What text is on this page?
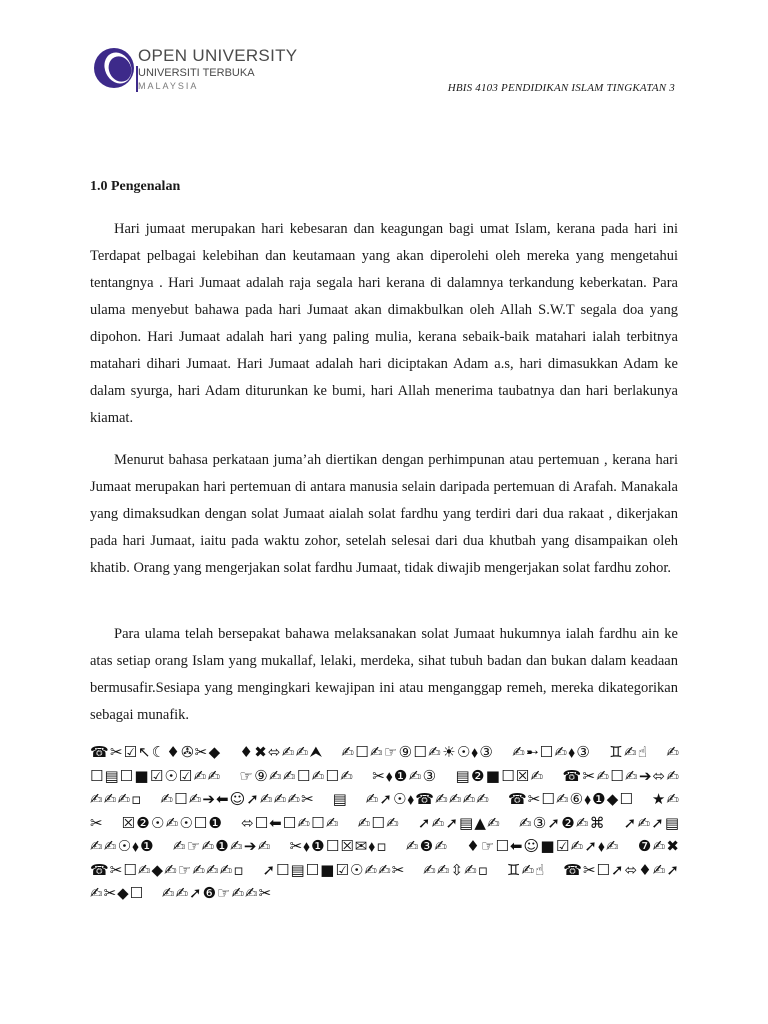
OPEN UNIVERSITY
UNIVERSITI TERBUKA
MALAYSIA	HBIS 4103 PENDIDIKAN ISLAM TINGKATAN 3
1.0 Pengenalan
Hari jumaat merupakan hari kebesaran dan keagungan bagi umat Islam, kerana pada hari ini Terdapat pelbagai kelebihan dan keutamaan yang akan diperolehi oleh mereka yang mengetahui tentangnya . Hari Jumaat adalah raja segala hari kerana di dalamnya terkandung keberkatan. Para ulama menyebut bahawa pada hari Jumaat akan dimakbulkan oleh Allah S.W.T segala doa yang dipohon. Hari Jumaat adalah hari yang paling mulia, kerana sebaik-baik matahari ialah terbitnya matahari dihari Jumaat. Hari Jumaat adalah hari diciptakan Adam a.s, hari dimasukkan Adam ke dalam syurga, hari Adam diturunkan ke bumi, hari Allah menerima taubatnya dan hari berlakunya kiamat.
Menurut bahasa perkataan juma’ah diertikan dengan perhimpunan atau pertemuan , kerana hari Jumaat merupakan hari pertemuan di antara manusia selain daripada pertemuan di Arafah. Manakala yang dimaksudkan dengan solat Jumaat aialah solat fardhu yang terdiri dari dua rakaat , dikerjakan pada hari Jumaat, iaitu pada waktu zohor, setelah selesai dari dua khutbah yang disampaikan oleh khatib. Orang yang mengerjakan solat fardhu Jumaat, tidak diwajib mengerjakan solat fardhu zohor.
Para ulama telah bersepakat bahawa melaksanakan solat Jumaat hukumnya ialah fardhu ain ke atas setiap orang Islam yang mukallaf, lelaki, merdeka, sihat tubuh badan dan bukan dalam keadaan bermusafir.Sesiapa yang mengingkari kewajipan ini atau menganggap remeh, mereka dikategorikan sebagai munafik.
☎✂☑↖☾♦✇✂◆ ♦✖⬄✍✍⮝ ✍☐✍☞⑨☐✍☀☉⬧③ ✍➸☐✍⬧③ ♊✍☝ ✍☐▤☐■☑☉☑✍✍ ☞⑨✍✍☐✍☐✍ ✂⬧❶✍③ ▤❷■☐☒✍ ☎✂✍☐✍➔⬄✍✍✍✍▫ ✍☐✍➔⬅☺➚✍✍✍✂ ▤ ✍➚☉⬧☎✍✍✍✍ ☎✂☐✍⑥⬧❶◆☐ ★✍✂ ☒❷☉✍☉☐❶ ⬄☐⬅☐✍☐✍ ✍☐✍ ➚✍➚▤▲✍ ✍③➚❷✍⌘ ➚✍➚▤✍✍☉⬧❶ ✍☞✍❶✍➔✍ ✂⬧❶☐☒✉⬧▫ ✍❸✍ ♦☞☐⬅☺■☑✍➚⬧✍ ❼✍✖ ☎✂☐✍◆✍☞✍✍✍▫ ➚☐▤☐■☑☉✍✍✂ ✍✍⇳✍▫ ♊✍☝ ☎✂☐➚⬄♦✍➚✍✂◆☐ ✍✍➚❻☞✍✍✂
